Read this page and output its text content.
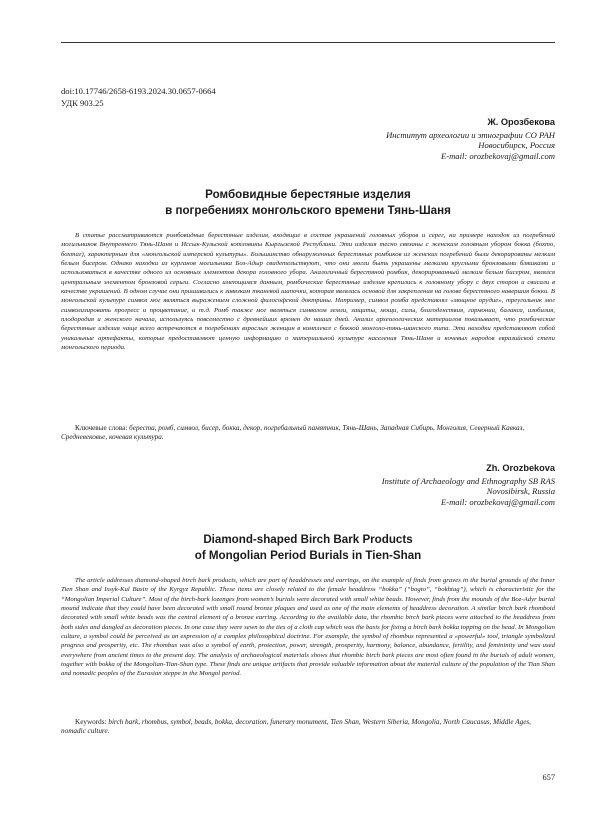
doi:10.17746/2658-6193.2024.30.0657-0664
УДК 903.25
Ж. Орозбекова
Институт археологии и этнографии СО РАН
Новосибирск, Россия
E-mail: orozbekovaj@gmail.com
Ромбовидные берестяные изделия
в погребениях монгольского времени Тянь-Шаня
В статье рассматриваются ромбовидные берестяные изделия, входящие в состав украшений головных уборов и серег, на примере находок из погребений могильников Внутреннего Тянь-Шаня и Иссык-Кульской котловины Кыргызской Республики. Эти изделия тесно связаны с женским головным убором бокка (бохто, бохтаг), характерным для «монгольской имперской культуры». Большинство обнаруженных берестяных ромбиков из женских погребений были декорированы мелким белым бисером. Однако находки из курганов могильника Боз-Адыр свидетельствуют, что они могли быть украшены мелкими круглыми бронзовыми бляшками и использоваться в качестве одного из основных элементов декора головного убора. Аналогичный берестяной ромбик, декорированный мелким белым бисером, являлся центральным элементом бронзовой серьги. Согласно имеющимся данным, ромбические берестяные изделия крепились к головному убору с двух сторон и свисали в качестве украшений. В одном случае они пришивались к завязкам тканевой шапочки, которая являлась основой для закрепления на голове берестяного навершия бокки. В монгольской культуре символ мог являться выражением сложной философской доктрины. Например, символ ромба представлял «мощное орудие», треугольник мог символизировать прогресс и процветание, и т.д. Ромб также мог являться символом земли, защиты, мощи, силы, благоденствия, гармонии, баланса, изобилия, плодородия и женского начала, используясь повсеместно с древнейших времен до наших дней. Анализ археологических материалов показывает, что ромбические берестяные изделия чаще всего встречаются в погребениях взрослых женщин в комплексе с боккой монголо-тянь-шанского типа. Эти находки представляют собой уникальные артефакты, которые предоставляют ценную информацию о материальной культуре населения Тянь-Шаня и кочевых народов евразийской степи монгольского периода.
Ключевые слова: береста, ромб, символ, бисер, бокка, декор, погребальный памятник, Тянь-Шань, Западная Сибирь, Монголия, Северный Кавказ, Средневековье, кочевая культура.
Zh. Orozbekova
Institute of Archaeology and Ethnography SB RAS
Novosibirsk, Russia
E-mail: orozbekovaj@gmail.com
Diamond-shaped Birch Bark Products
of Mongolian Period Burials in Tien-Shan
The article addresses diamond-shaped birch bark products, which are part of headdresses and earrings, on the example of finds from graves in the burial grounds of the Inner Tien Shan and Issyk-Kul Basin of the Kyrgyz Republic. These items are closely related to the female headdress “bokka” (“bogto”, “bokhtag”), which is characteristic for the “Mongolian Imperial Culture”. Most of the birch-bark lozenges from women’s burials were decorated with small white beads. However, finds from the mounds of the Boz-Adyr burial mound indicate that they could have been decorated with small round bronze plaques and used as one of the main elements of headdress decoration. A similar birch bark rhomboid decorated with small white beads was the central element of a bronze earring. According to the available data, the rhombic birch bark pieces were attached to the headdress from both sides and dangled as decoration pieces. In one case they were sewn to the ties of a cloth cap which was the basis for fixing a birch bark bokka topping on the head. In Mongolian culture, a symbol could be perceived as an expression of a complex philosophical doctrine. For example, the symbol of rhombus represented a «powerful» tool, triangle symbolized progress and prosperity, etc. The rhombus was also a symbol of earth, protection, power, strength, prosperity, harmony, balance, abundance, fertility, and femininity and was used everywhere from ancient times to the present day. The analysis of archaeological materials shows that rhombic birch bark pieces are most often found in the burials of adult women, together with bokka of the Mongolian-Tian-Shan type. These finds are unique artifacts that provide valuable information about the material culture of the population of the Tian Shan and nomadic peoples of the Eurasian steppe in the Mongol period.
Keywords: birch bark, rhombus, symbol, beads, bokka, decoration, funerary monument, Tien Shan, Western Siberia, Mongolia, North Caucasus, Middle Ages, nomadic culture.
657
